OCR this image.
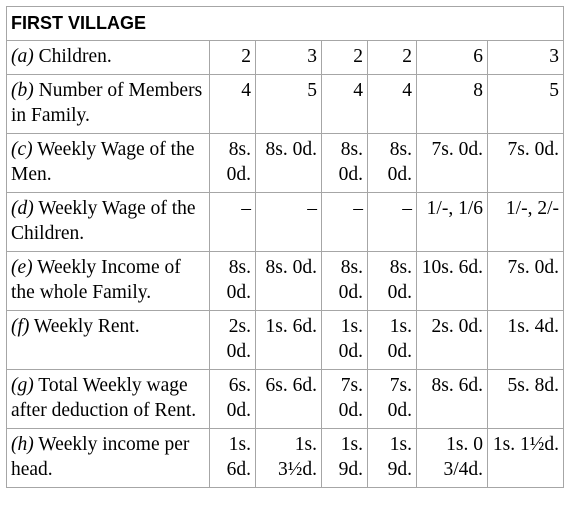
FIRST VILLAGE						
(a) Children.	2	3	2	2	6	3
(b) Number of Members in Family.	4	5	4	4	8	5
(c) Weekly Wage of the Men.	8s. 0d.	8s. 0d.	8s. 0d.	8s. 0d.	7s. 0d.	7s. 0d.
(d) Weekly Wage of the Children.	–	–	–	–	1/-, 1/6	1/-, 2/-
(e) Weekly Income of the whole Family.	8s. 0d.	8s. 0d.	8s. 0d.	8s. 0d.	10s. 6d.	7s. 0d.
(f) Weekly Rent.	2s. 0d.	1s. 6d.	1s. 0d.	1s. 0d.	2s. 0d.	1s. 4d.
(g) Total Weekly wage after deduction of Rent.	6s. 0d.	6s. 6d.	7s. 0d.	7s. 0d.	8s. 6d.	5s. 8d.
(h) Weekly income per head.	1s. 6d.	1s. 3½d.	1s. 9d.	1s. 9d.	1s. 0 3/4d.	1s. 1½d.
